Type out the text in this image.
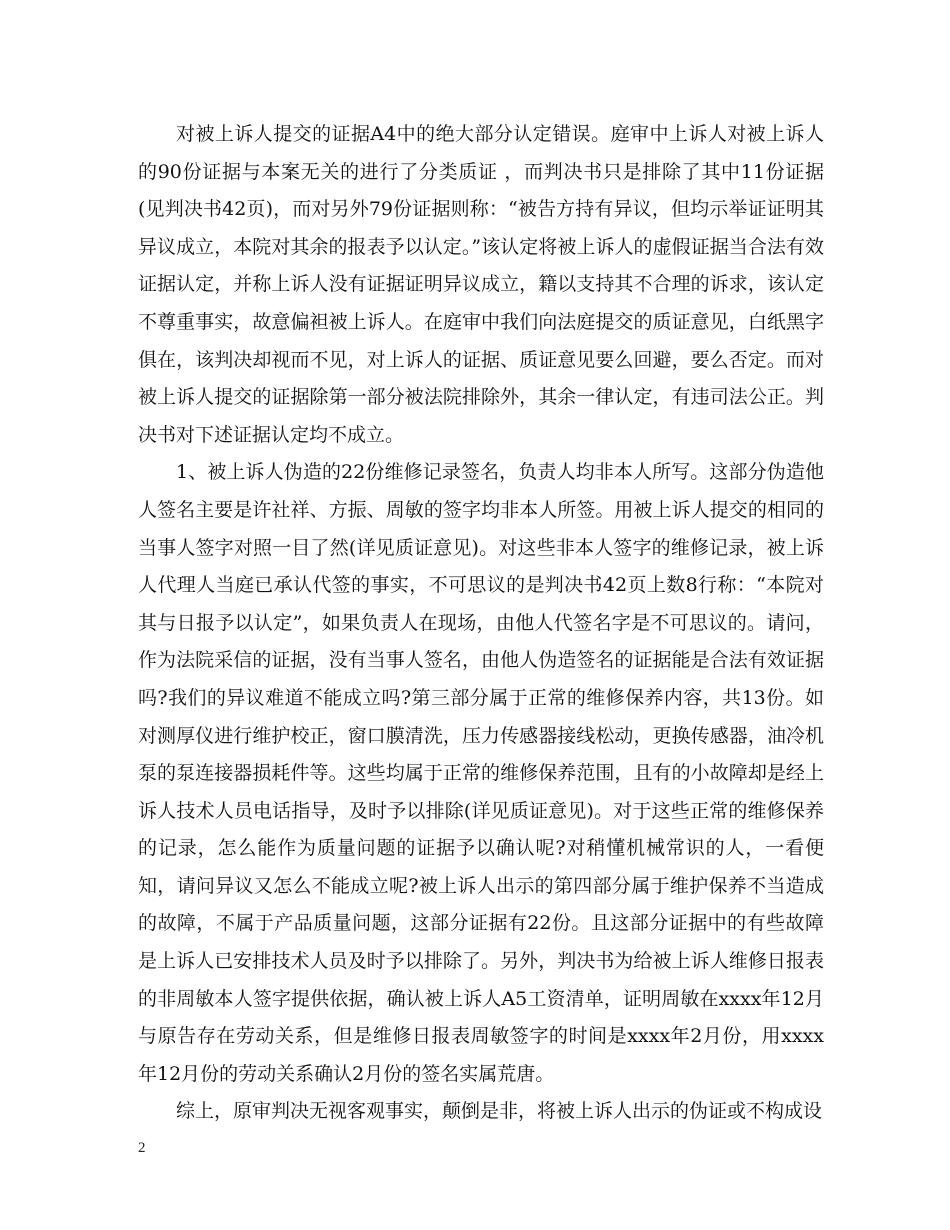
对被上诉人提交的证据A4中的绝大部分认定错误。庭审中上诉人对被上诉人的90份证据与本案无关的进行了分类质证 ，而判决书只是排除了其中11份证据(见判决书42页)，而对另外79份证据则称：“被告方持有异议，但均示举证证明其异议成立，本院对其余的报表予以认定。”该认定将被上诉人的虚假证据当合法有效证据认定，并称上诉人没有证据证明异议成立，籍以支持其不合理的诉求，该认定不尊重事实，故意偏袒被上诉人。在庭审中我们向法庭提交的质证意见，白纸黑字俱在，该判决却视而不见，对上诉人的证据、质证意见要么回避，要么否定。而对被上诉人提交的证据除第一部分被法院排除外，其余一律认定，有违司法公正。判决书对下述证据认定均不成立。

1、被上诉人伪造的22份维修记录签名，负责人均非本人所写。这部分伪造他人签名主要是许社祥、方振、周敏的签字均非本人所签。用被上诉人提交的相同的当事人签字对照一目了然(详见质证意见)。对这些非本人签字的维修记录，被上诉人代理人当庭已承认代签的事实，不可思议的是判决书42页上数8行称：“本院对其与日报予以认定”，如果负责人在现场，由他人代签名字是不可思议的。请问，作为法院采信的证据，没有当事人签名，由他人伪造签名的证据能是合法有效证据吗?我们的异议难道不能成立吗?第三部分属于正常的维修保养内容，共13份。如对测厚仪进行维护校正，窗口膜清洗，压力传感器接线松动，更换传感器，油冷机泵的泵连接器损耗件等。这些均属于正常的维修保养范围，且有的小故障却是经上诉人技术人员电话指导，及时予以排除(详见质证意见)。对于这些正常的维修保养的记录，怎么能作为质量问题的证据予以确认呢?对稍懂机械常识的人，一看便知，请问异议又怎么不能成立呢?被上诉人出示的第四部分属于维护保养不当造成的故障，不属于产品质量问题，这部分证据有22份。且这部分证据中的有些故障是上诉人已安排技术人员及时予以排除了。另外，判决书为给被上诉人维修日报表的非周敏本人签字提供依据，确认被上诉人A5工资清单，证明周敏在xxxx年12月与原告存在劳动关系，但是维修日报表周敏签字的时间是xxxx年2月份，用xxxx年12月份的劳动关系确认2月份的签名实属荒唐。

综上，原审判决无视客观事实，颠倒是非，将被上诉人出示的伪证或不构成设

2
